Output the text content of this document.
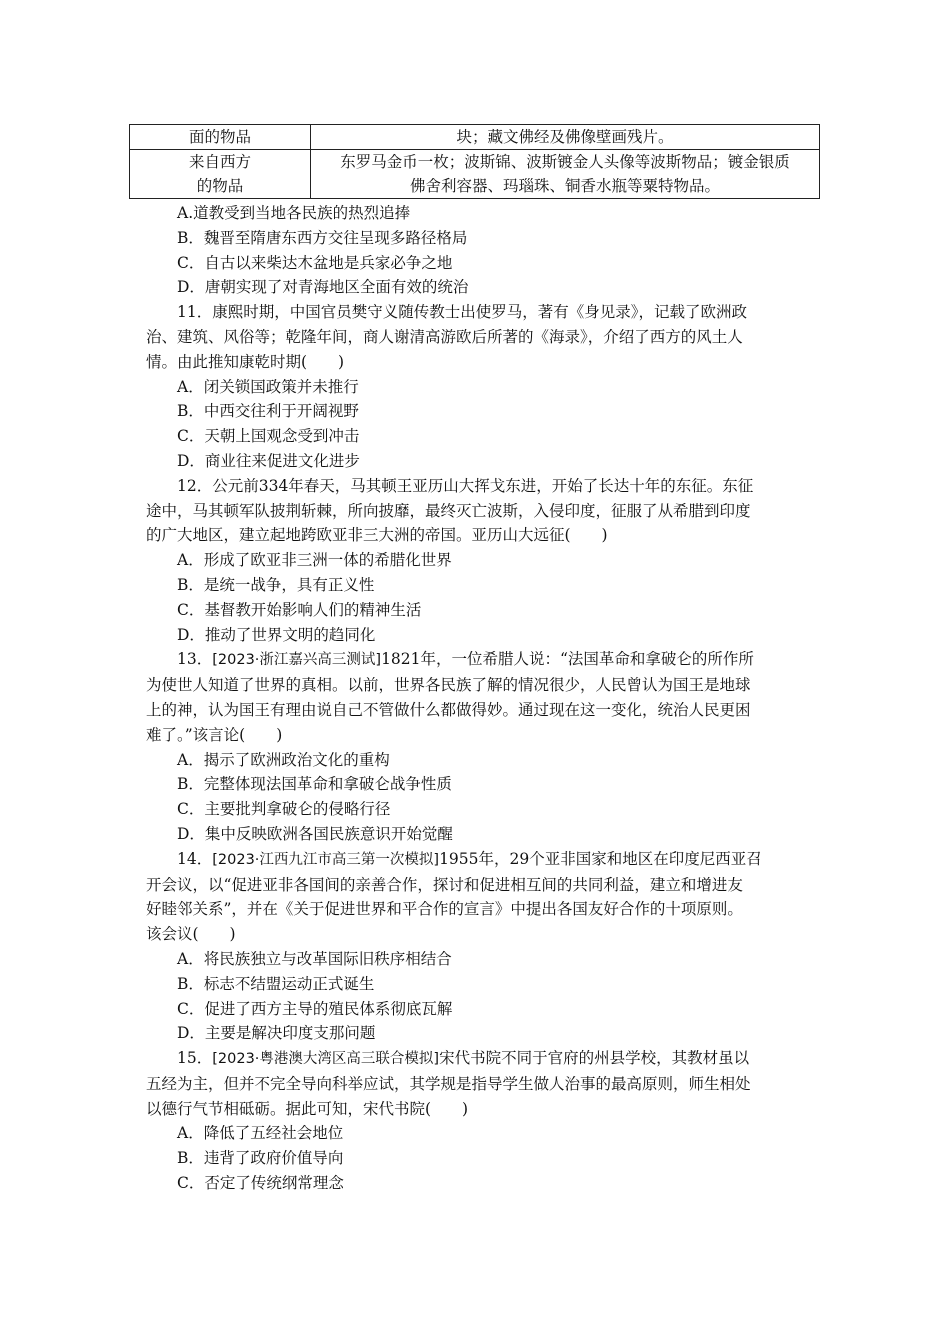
面的物品	块；藏文佛经及佛像壁画残片。

来自西方
的物品	东罗马金币一枚；波斯锦、波斯镀金人头像等波斯物品；镀金银质
佛舍利容器、玛瑙珠、铜香水瓶等粟特物品。

A.道教受到当地各民族的热烈追捧

B．魏晋至隋唐东西方交往呈现多路径格局

C．自古以来柴达木盆地是兵家必争之地

D．唐朝实现了对青海地区全面有效的统治

11．康熙时期，中国官员樊守义随传教士出使罗马，著有《身见录》，记载了欧洲政

治、建筑、风俗等；乾隆年间，商人谢清高游欧后所著的《海录》，介绍了西方的风土人
情。由此推知康乾时期(　　)

A．闭关锁国政策并未推行

B．中西交往利于开阔视野

C．天朝上国观念受到冲击

D．商业往来促进文化进步

12．公元前334年春天，马其顿王亚历山大挥戈东进，开始了长达十年的东征。东征

途中，马其顿军队披荆斩棘，所向披靡，最终灭亡波斯，入侵印度，征服了从希腊到印度
的广大地区，建立起地跨欧亚非三大洲的帝国。亚历山大远征(　　)

A．形成了欧亚非三洲一体的希腊化世界

B．是统一战争，具有正义性

C．基督教开始影响人们的精神生活

D．推动了世界文明的趋同化

13．[2023·浙江嘉兴高三测试]1821年，一位希腊人说：“法国革命和拿破仑的所作所

为使世人知道了世界的真相。以前，世界各民族了解的情况很少，人民曾认为国王是地球
上的神，认为国王有理由说自己不管做什么都做得妙。通过现在这一变化，统治人民更困
难了。”该言论(　　)

A．揭示了欧洲政治文化的重构

B．完整体现法国革命和拿破仑战争性质

C．主要批判拿破仑的侵略行径

D．集中反映欧洲各国民族意识开始觉醒

14．[2023·江西九江市高三第一次模拟]1955年，29个亚非国家和地区在印度尼西亚召

开会议，以“促进亚非各国间的亲善合作，探讨和促进相互间的共同利益，建立和增进友
好睦邻关系”，并在《关于促进世界和平合作的宣言》中提出各国友好合作的十项原则。
该会议(　　)

A．将民族独立与改革国际旧秩序相结合

B．标志不结盟运动正式诞生

C．促进了西方主导的殖民体系彻底瓦解

D．主要是解决印度支那问题

15．[2023·粤港澳大湾区高三联合模拟]宋代书院不同于官府的州县学校，其教材虽以

五经为主，但并不完全导向科举应试，其学规是指导学生做人治事的最高原则，师生相处
以德行气节相砥砺。据此可知，宋代书院(　　)

A．降低了五经社会地位

B．违背了政府价值导向

C．否定了传统纲常理念
